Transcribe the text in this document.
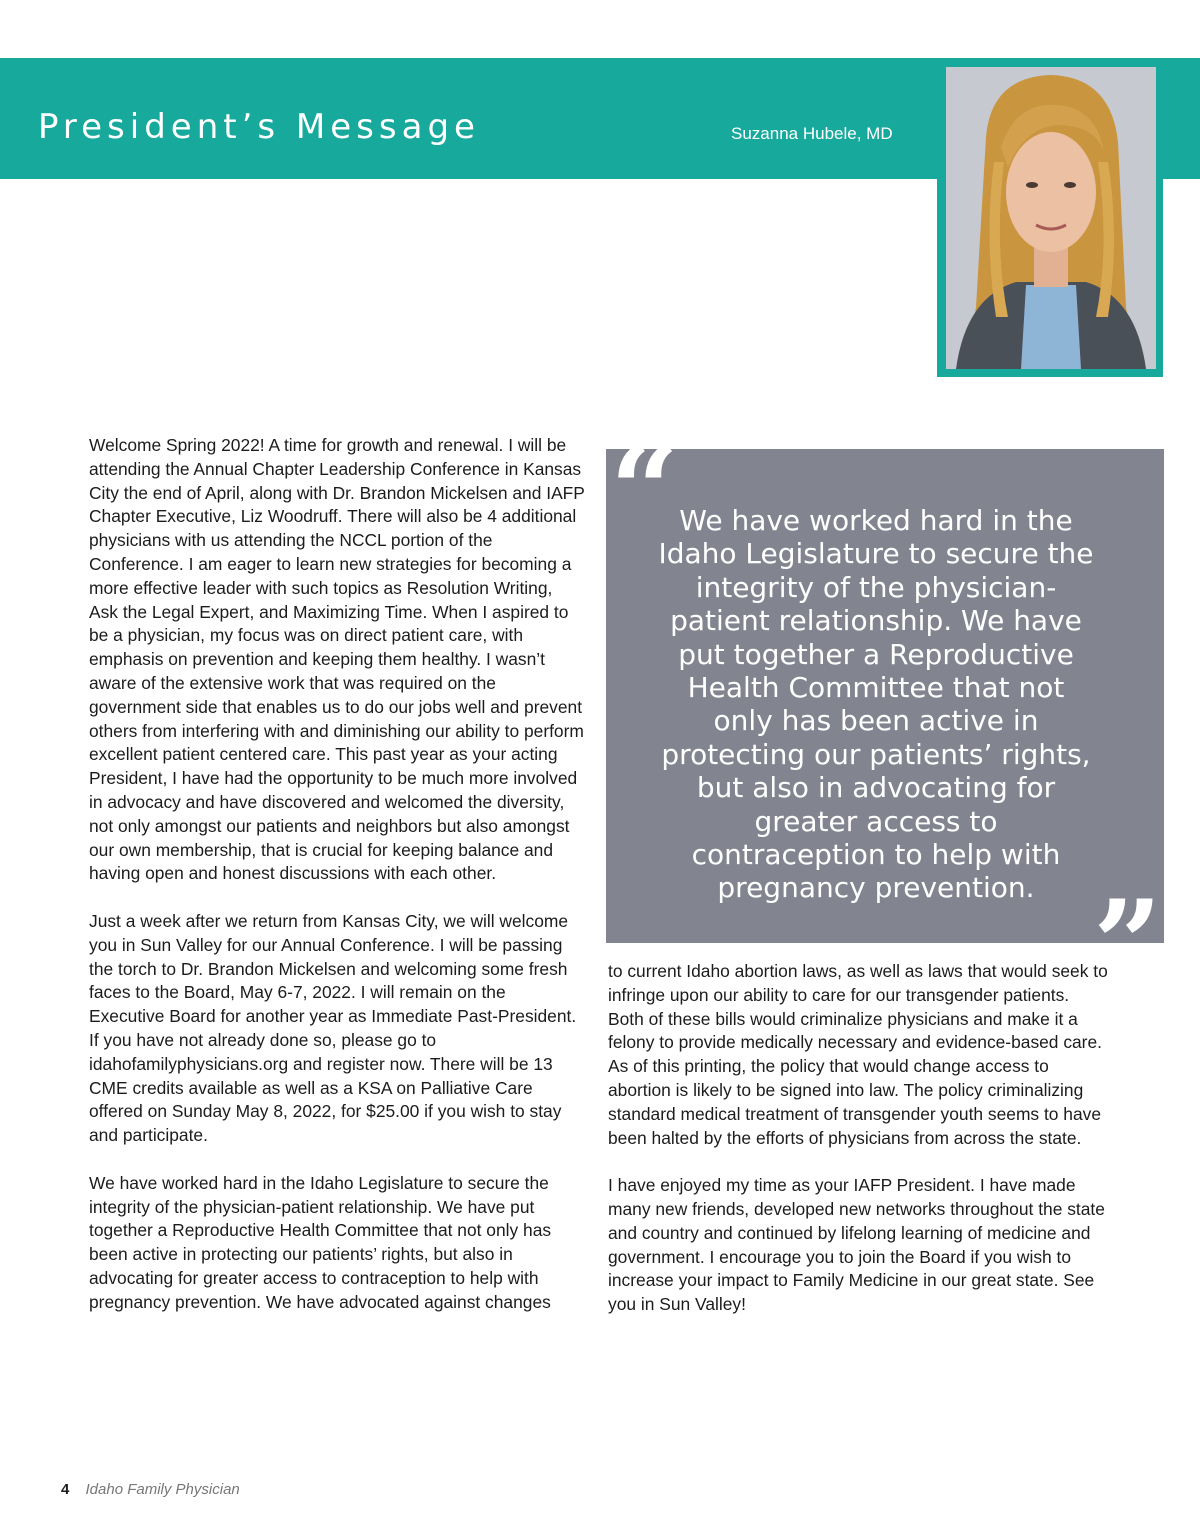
President’s Message	Suzanna Hubele, MD

Welcome Spring 2022! A time for growth and renewal. I will be attending the Annual Chapter Leadership Conference in Kansas City the end of April, along with Dr. Brandon Mickelsen and IAFP Chapter Executive, Liz Woodruff. There will also be 4 additional physicians with us attending the NCCL portion of the Conference. I am eager to learn new strategies for becoming a more effective leader with such topics as Resolution Writing, Ask the Legal Expert, and Maximizing Time. When I aspired to be a physician, my focus was on direct patient care, with emphasis on prevention and keeping them healthy. I wasn’t aware of the extensive work that was required on the government side that enables us to do our jobs well and prevent others from interfering with and diminishing our ability to perform excellent patient centered care. This past year as your acting President, I have had the opportunity to be much more involved in advocacy and have discovered and welcomed the diversity, not only amongst our patients and neighbors but also amongst our own membership, that is crucial for keeping balance and having open and honest discussions with each other.

Just a week after we return from Kansas City, we will welcome you in Sun Valley for our Annual Conference. I will be passing the torch to Dr. Brandon Mickelsen and welcoming some fresh faces to the Board, May 6-7, 2022. I will remain on the Executive Board for another year as Immediate Past-President. If you have not already done so, please go to idahofamilyphysicians.org and register now. There will be 13 CME credits available as well as a KSA on Palliative Care offered on Sunday May 8, 2022, for $25.00 if you wish to stay and participate.

We have worked hard in the Idaho Legislature to secure the integrity of the physician-patient relationship. We have put together a Reproductive Health Committee that not only has been active in protecting our patients’ rights, but also in advocating for greater access to contraception to help with pregnancy prevention. We have advocated against changes

“ We have worked hard in the Idaho Legislature to secure the integrity of the physician-patient relationship. We have put together a Reproductive Health Committee that not only has been active in protecting our patients’ rights, but also in advocating for greater access to contraception to help with pregnancy prevention. ”

to current Idaho abortion laws, as well as laws that would seek to infringe upon our ability to care for our transgender patients. Both of these bills would criminalize physicians and make it a felony to provide medically necessary and evidence-based care. As of this printing, the policy that would change access to abortion is likely to be signed into law. The policy criminalizing standard medical treatment of transgender youth seems to have been halted by the efforts of physicians from across the state.

I have enjoyed my time as your IAFP President. I have made many new friends, developed new networks throughout the state and country and continued by lifelong learning of medicine and government. I encourage you to join the Board if you wish to increase your impact to Family Medicine in our great state. See you in Sun Valley!

4 Idaho Family Physician
